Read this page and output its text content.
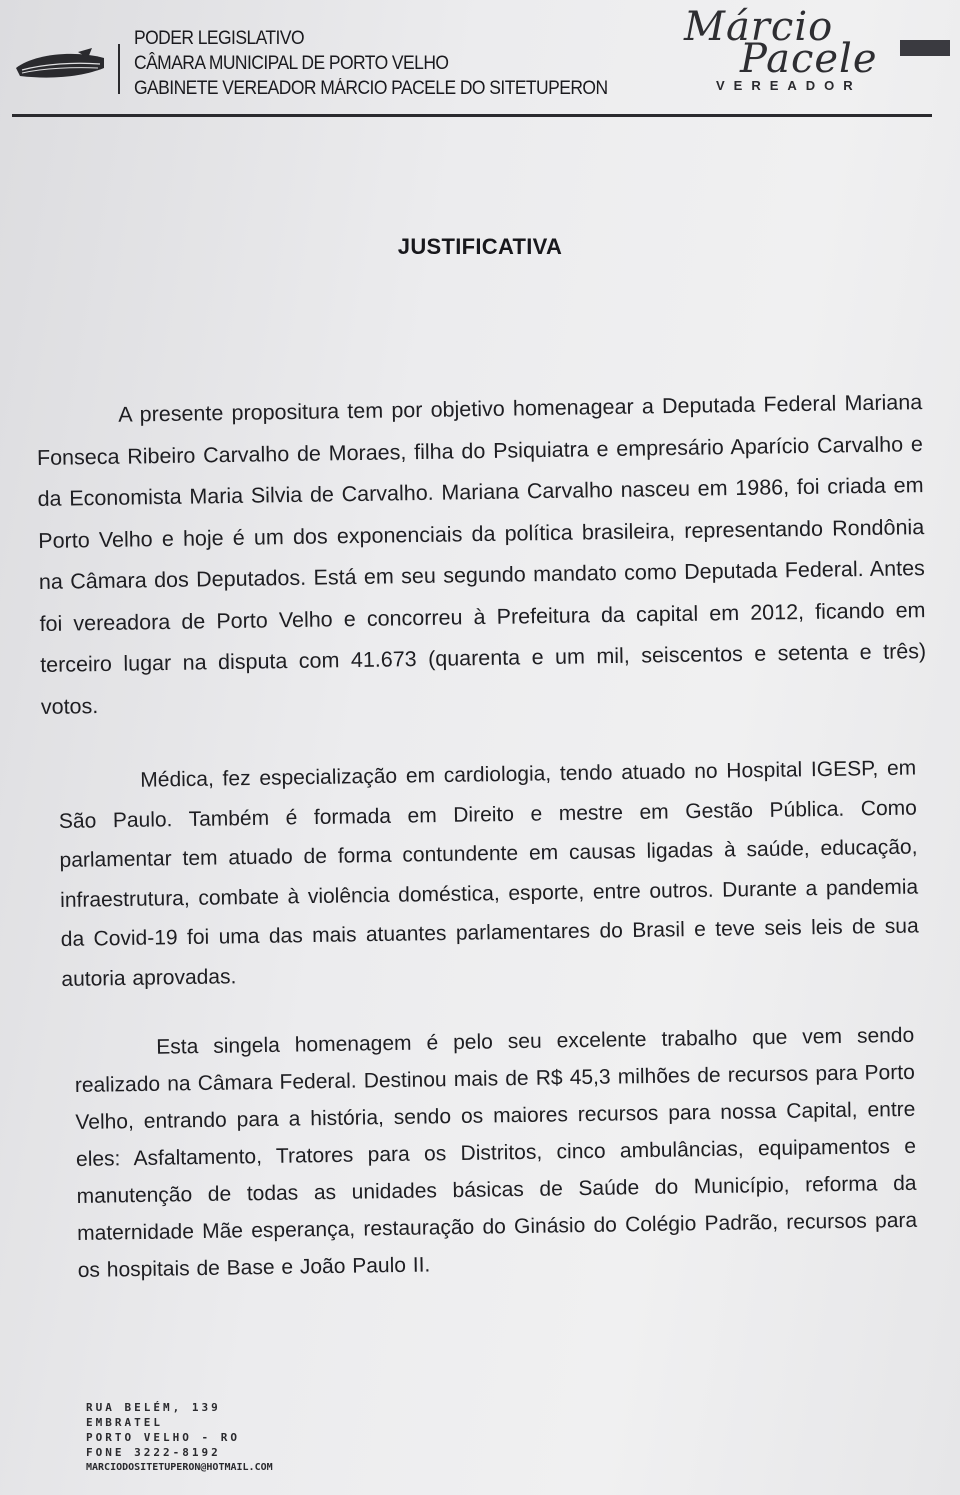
PODER LEGISLATIVO
CÂMARA MUNICIPAL DE PORTO VELHO
GABINETE VEREADOR MÁRCIO PACELE DO SITETUPERON
Márcio
Pacele
VEREADOR
JUSTIFICATIVA

A presente propositura tem por objetivo homenagear a Deputada Federal Mariana Fonseca Ribeiro Carvalho de Moraes, filha do Psiquiatra e empresário Aparício Carvalho e da Economista Maria Silvia de Carvalho. Mariana Carvalho nasceu em 1986, foi criada em Porto Velho e hoje é um dos exponenciais da política brasileira, representando Rondônia na Câmara dos Deputados. Está em seu segundo mandato como Deputada Federal. Antes foi vereadora de Porto Velho e concorreu à Prefeitura da capital em 2012, ficando em terceiro lugar na disputa com 41.673 (quarenta e um mil, seiscentos e setenta e três) votos.

Médica, fez especialização em cardiologia, tendo atuado no Hospital IGESP, em São Paulo. Também é formada em Direito e mestre em Gestão Pública. Como parlamentar tem atuado de forma contundente em causas ligadas à saúde, educação, infraestrutura, combate à violência doméstica, esporte, entre outros. Durante a pandemia da Covid-19 foi uma das mais atuantes parlamentares do Brasil e teve seis leis de sua autoria aprovadas.

Esta singela homenagem é pelo seu excelente trabalho que vem sendo realizado na Câmara Federal. Destinou mais de R$ 45,3 milhões de recursos para Porto Velho, entrando para a história, sendo os maiores recursos para nossa Capital, entre eles: Asfaltamento, Tratores para os Distritos, cinco ambulâncias, equipamentos e manutenção de todas as unidades básicas de Saúde do Município, reforma da maternidade Mãe esperança, restauração do Ginásio do Colégio Padrão, recursos para os hospitais de Base e João Paulo II.

RUA BELÉM, 139
EMBRATEL
PORTO VELHO - RO
FONE 3222-8192
MARCIODOSITETUPERON@HOTMAIL.COM
